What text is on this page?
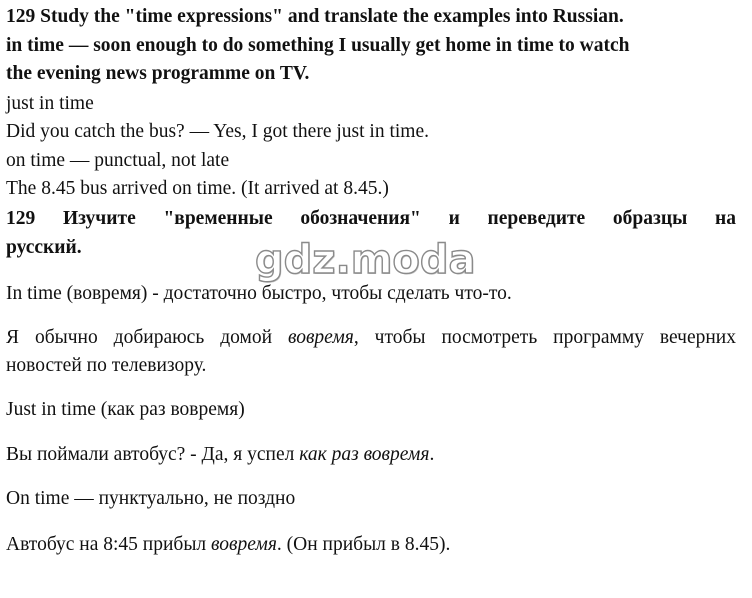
129 Study the "time expressions" and translate the examples into Russian.
in time — soon enough to do something I usually get home in time to watch
the evening news programme on TV.
just in time
Did you catch the bus? — Yes, I got there just in time.
on time — punctual, not late
The 8.45 bus arrived on time. (It arrived at 8.45.)
129 Изучите "временные обозначения" и переведите образцы на
русский.	gdz.moda
In time (вовремя) - достаточно быстро, чтобы сделать что-то.
Я обычно добираюсь домой вовремя, чтобы посмотреть программу вечерних
новостей по телевизору.
Just in time (как раз вовремя)
Вы поймали автобус? - Да, я успел как раз вовремя.
On time — пунктуально, не поздно
Автобус на 8:45 прибыл вовремя. (Он прибыл в 8.45).
